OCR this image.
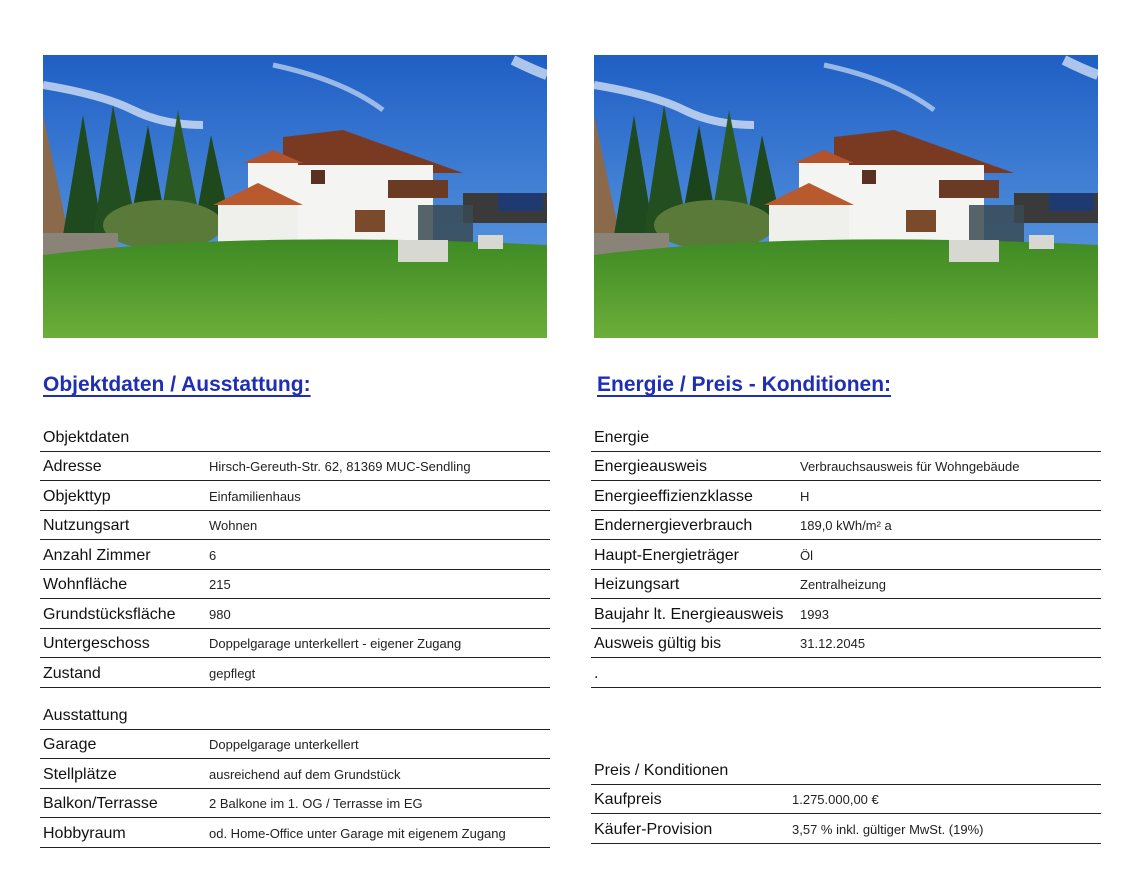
Objektdaten / Ausstattung:	Energie / Preis - Konditionen:
Objektdaten
Adresse	Hirsch-Gereuth-Str. 62, 81369 MUC-Sendling
Objekttyp	Einfamilienhaus
Nutzungsart	Wohnen
Anzahl Zimmer	6
Wohnfläche	215
Grundstücksfläche	980
Untergeschoss	Doppelgarage unterkellert - eigener Zugang
Zustand	gepflegt
Ausstattung
Garage	Doppelgarage unterkellert
Stellplätze	ausreichend auf dem Grundstück
Balkon/Terrasse	2 Balkone im 1. OG / Terrasse im EG
Hobbyraum	od. Home-Office unter Garage mit eigenem Zugang
Energie
Energieausweis	Verbrauchsausweis für Wohngebäude
Energieeffizienzklasse	H
Endernergieverbrauch	189,0 kWh/m² a
Haupt-Energieträger	Öl
Heizungsart	Zentralheizung
Baujahr lt. Energieausweis	1993
Ausweis gültig bis	31.12.2045
.
Preis / Konditionen
Kaufpreis	1.275.000,00 €
Käufer-Provision	3,57 % inkl. gültiger MwSt. (19%)
